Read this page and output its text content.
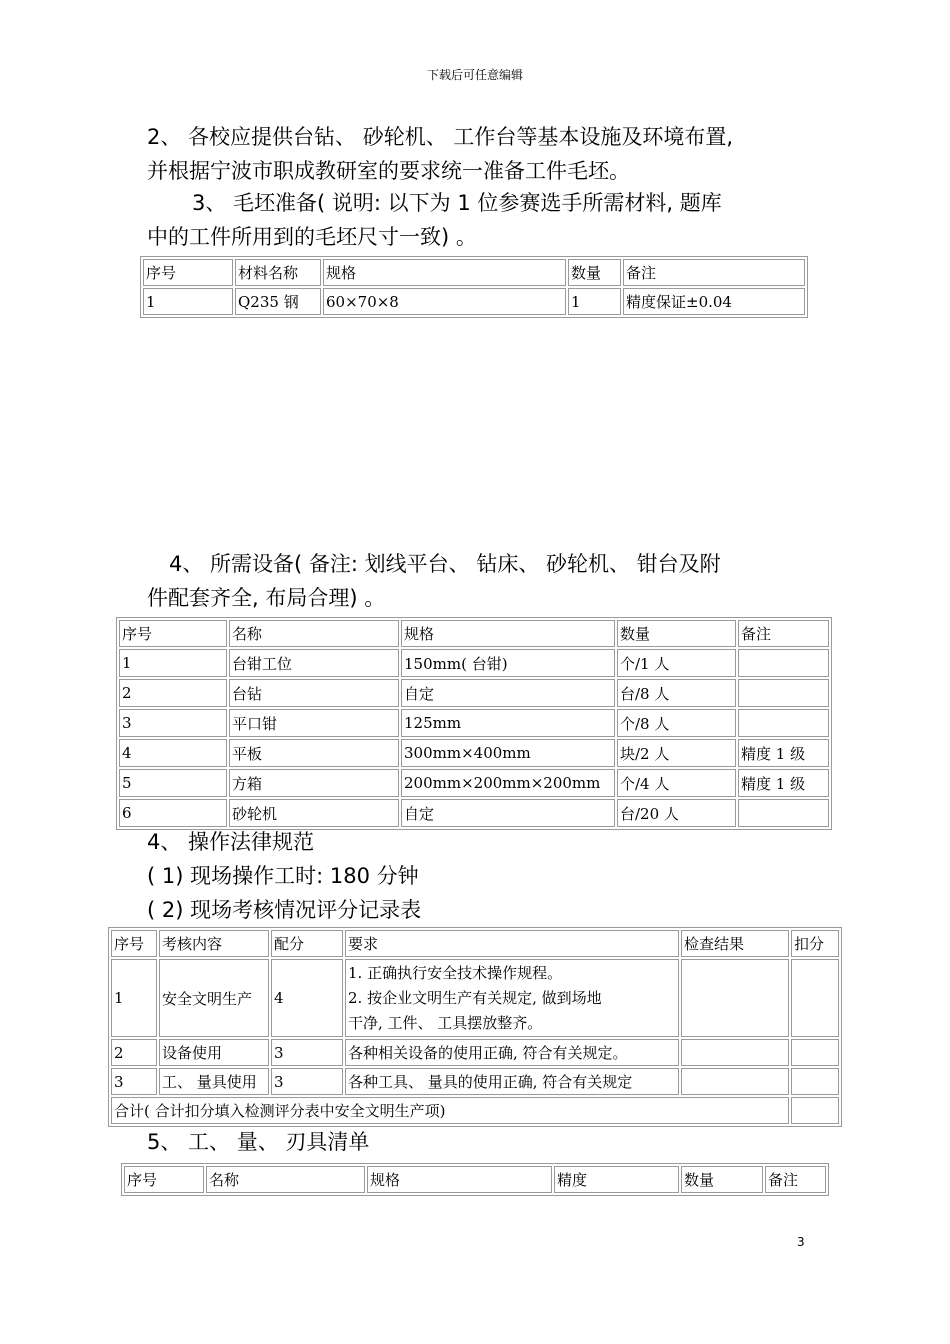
下载后可任意编辑
2、 各校应提供台钻、 砂轮机、 工作台等基本设施及环境布置,
并根据宁波市职成教研室的要求统一准备工件毛坯。
3、 毛坯准备( 说明: 以下为 1 位参赛选手所需材料, 题库
中的工件所用到的毛坯尺寸一致) 。
序号	材料名称	规格	数量	备注
1	Q235 钢	60×70×8	1	精度保证±0.04
4、 所需设备( 备注: 划线平台、 钻床、 砂轮机、 钳台及附
件配套齐全, 布局合理) 。
序号	名称	规格	数量	备注
1	台钳工位	150mm( 台钳)	个/1 人	
2	台钻	自定	台/8 人	
3	平口钳	125mm	个/8 人	
4	平板	300mm×400mm	块/2 人	精度 1 级
5	方箱	200mm×200mm×200mm	个/4 人	精度 1 级
6	砂轮机	自定	台/20 人	
4、 操作法律规范
( 1) 现场操作工时: 180 分钟
( 2) 现场考核情况评分记录表
序号	考核内容	配分	要求	检查结果	扣分
1	安全文明生产	4	1. 正确执行安全技术操作规程。
2. 按企业文明生产有关规定, 做到场地
干净, 工件、 工具摆放整齐。		

2	设备使用	3	各种相关设备的使用正确, 符合有关规定。		
3	工、 量具使用	3	各种工具、 量具的使用正确, 符合有关规定		
合计( 合计扣分填入检测评分表中安全文明生产项)					
5、 工、 量、 刃具清单
序号	名称	规格	精度	数量	备注
3
